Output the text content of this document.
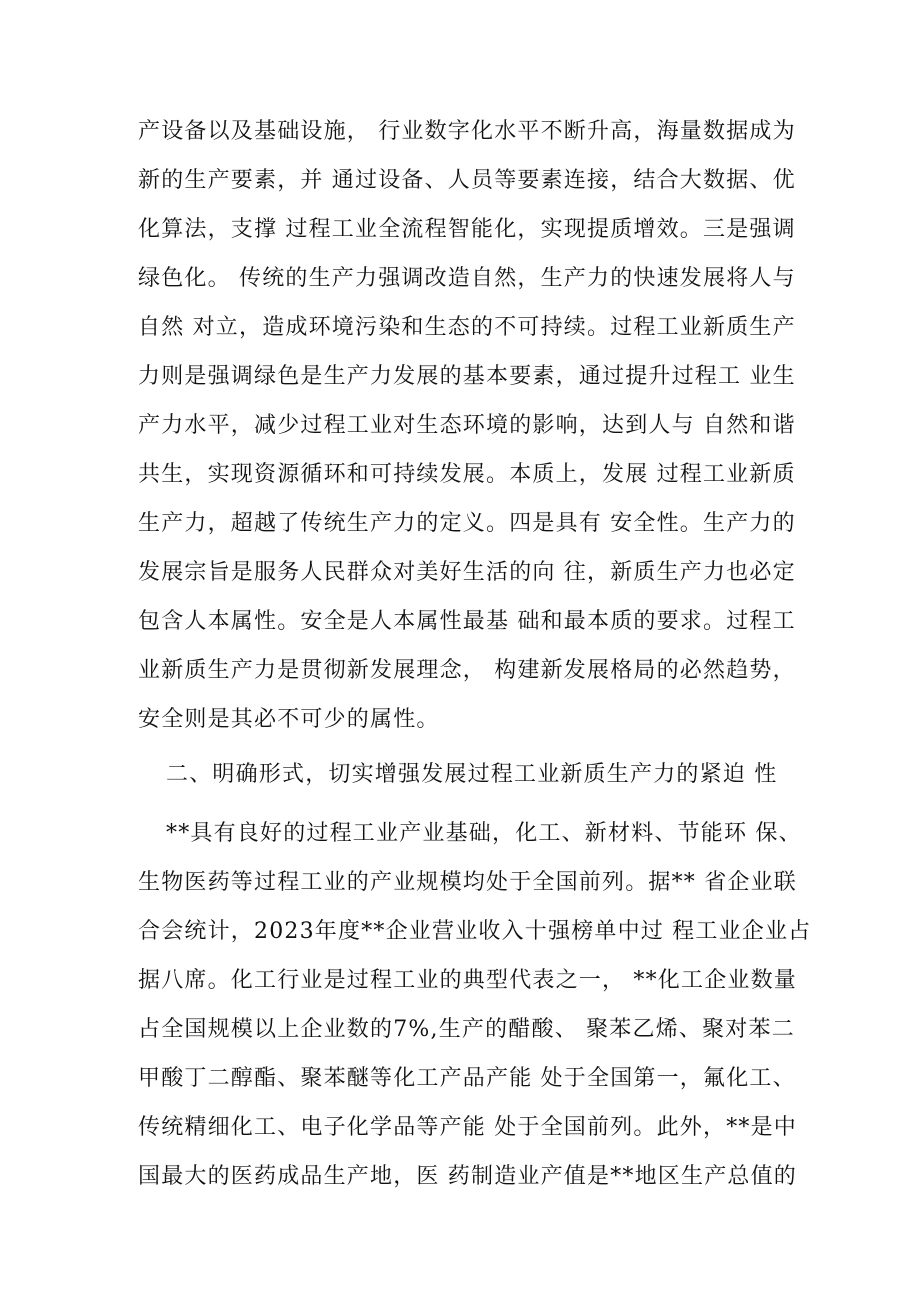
产设备以及基础设施， 行业数字化水平不断升高，海量数据成为
新的生产要素，并 通过设备、人员等要素连接，结合大数据、优
化算法，支撑 过程工业全流程智能化，实现提质增效。三是强调
绿色化。 传统的生产力强调改造自然，生产力的快速发展将人与
自然 对立，造成环境污染和生态的不可持续。过程工业新质生产
力则是强调绿色是生产力发展的基本要素，通过提升过程工 业生
产力水平，减少过程工业对生态环境的影响，达到人与 自然和谐
共生，实现资源循环和可持续发展。本质上，发展 过程工业新质
生产力，超越了传统生产力的定义。四是具有 安全性。生产力的
发展宗旨是服务人民群众对美好生活的向 往，新质生产力也必定
包含人本属性。安全是人本属性最基 础和最本质的要求。过程工
业新质生产力是贯彻新发展理念， 构建新发展格局的必然趋势，
安全则是其必不可少的属性。
二、明确形式，切实增强发展过程工业新质生产力的紧迫 性
**具有良好的过程工业产业基础，化工、新材料、节能环 保、
生物医药等过程工业的产业规模均处于全国前列。据** 省企业联
合会统计，2023年度**企业营业收入十强榜单中过 程工业企业占
据八席。化工行业是过程工业的典型代表之一， **化工企业数量
占全国规模以上企业数的7%,生产的醋酸、 聚苯乙烯、聚对苯二
甲酸丁二醇酯、聚苯醚等化工产品产能 处于全国第一，氟化工、
传统精细化工、电子化学品等产能 处于全国前列。此外，**是中
国最大的医药成品生产地，医 药制造业产值是**地区生产总值的
